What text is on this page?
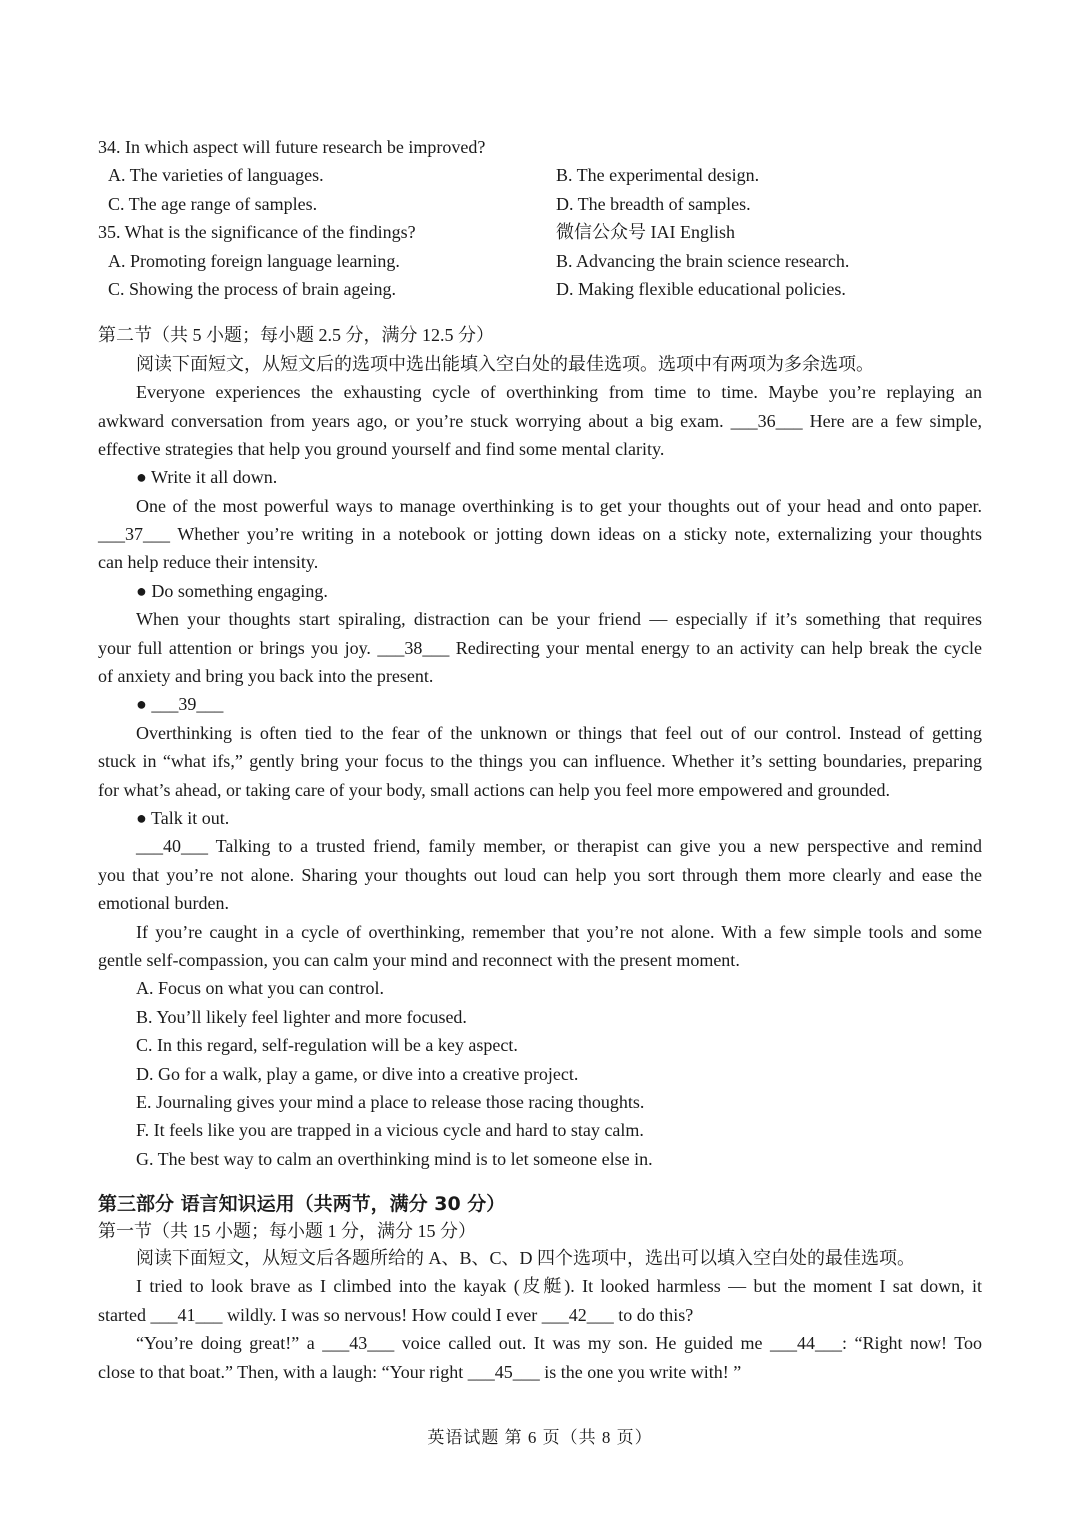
34. In which aspect will future research be improved?
A. The varieties of languages.	B. The experimental design.
C. The age range of samples.	D. The breadth of samples.
35. What is the significance of the findings?	微信公众号 IAI English
A. Promoting foreign language learning.	B. Advancing the brain science research.
C. Showing the process of brain ageing.	D. Making flexible educational policies.
第二节（共 5 小题；每小题 2.5 分，满分 12.5 分）
阅读下面短文，从短文后的选项中选出能填入空白处的最佳选项。选项中有两项为多余选项。
Everyone experiences the exhausting cycle of overthinking from time to time. Maybe you’re replaying an
awkward conversation from years ago, or you’re stuck worrying about a big exam. ___36___ Here are a few simple,
effective strategies that help you ground yourself and find some mental clarity.
● Write it all down.
One of the most powerful ways to manage overthinking is to get your thoughts out of your head and onto paper.
___37___ Whether you’re writing in a notebook or jotting down ideas on a sticky note, externalizing your thoughts
can help reduce their intensity.
● Do something engaging.
When your thoughts start spiraling, distraction can be your friend — especially if it’s something that requires
your full attention or brings you joy. ___38___ Redirecting your mental energy to an activity can help break the cycle
of anxiety and bring you back into the present.
● ___39___
Overthinking is often tied to the fear of the unknown or things that feel out of our control. Instead of getting
stuck in “what ifs,” gently bring your focus to the things you can influence. Whether it’s setting boundaries, preparing
for what’s ahead, or taking care of your body, small actions can help you feel more empowered and grounded.
● Talk it out.
___40___ Talking to a trusted friend, family member, or therapist can give you a new perspective and remind
you that you’re not alone. Sharing your thoughts out loud can help you sort through them more clearly and ease the
emotional burden.
If you’re caught in a cycle of overthinking, remember that you’re not alone. With a few simple tools and some
gentle self-compassion, you can calm your mind and reconnect with the present moment.
A. Focus on what you can control.
B. You’ll likely feel lighter and more focused.
C. In this regard, self-regulation will be a key aspect.
D. Go for a walk, play a game, or dive into a creative project.
E. Journaling gives your mind a place to release those racing thoughts.
F. It feels like you are trapped in a vicious cycle and hard to stay calm.
G. The best way to calm an overthinking mind is to let someone else in.
第三部分 语言知识运用（共两节，满分 30 分）
第一节（共 15 小题；每小题 1 分，满分 15 分）
阅读下面短文，从短文后各题所给的 A、B、C、D 四个选项中，选出可以填入空白处的最佳选项。
I tried to look brave as I climbed into the kayak (皮艇). It looked harmless — but the moment I sat down, it
started ___41___ wildly. I was so nervous! How could I ever ___42___ to do this?
“You’re doing great!” a ___43___ voice called out. It was my son. He guided me ___44___: “Right now! Too
close to that boat.” Then, with a laugh: “Your right ___45___ is the one you write with! ”
英语试题 第 6 页（共 8 页）
